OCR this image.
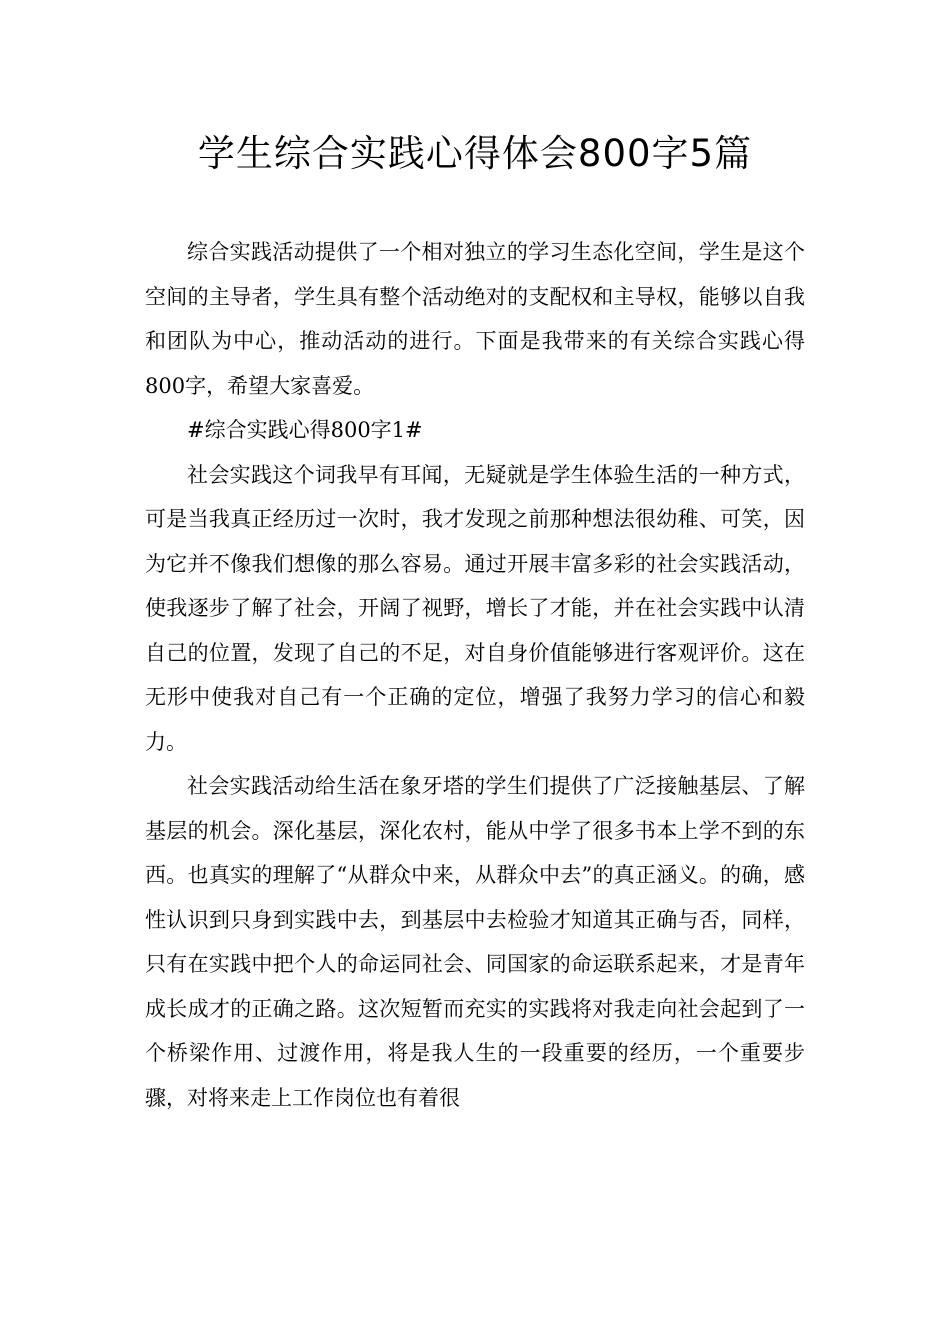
学生综合实践心得体会800字5篇

综合实践活动提供了一个相对独立的学习生态化空间，学生是这个空间的主导者，学生具有整个活动绝对的支配权和主导权，能够以自我和团队为中心，推动活动的进行。下面是我带来的有关综合实践心得800字，希望大家喜爱。

#综合实践心得800字1#

社会实践这个词我早有耳闻，无疑就是学生体验生活的一种方式，可是当我真正经历过一次时，我才发现之前那种想法很幼稚、可笑，因为它并不像我们想像的那么容易。通过开展丰富多彩的社会实践活动，使我逐步了解了社会，开阔了视野，增长了才能，并在社会实践中认清自己的位置，发现了自己的不足，对自身价值能够进行客观评价。这在无形中使我对自己有一个正确的定位，增强了我努力学习的信心和毅力。

社会实践活动给生活在象牙塔的学生们提供了广泛接触基层、了解基层的机会。深化基层，深化农村，能从中学了很多书本上学不到的东西。也真实的理解了“从群众中来，从群众中去”的真正涵义。的确，感性认识到只身到实践中去，到基层中去检验才知道其正确与否，同样，只有在实践中把个人的命运同社会、同国家的命运联系起来，才是青年成长成才的正确之路。这次短暂而充实的实践将对我走向社会起到了一个桥梁作用、过渡作用，将是我人生的一段重要的经历，一个重要步骤，对将来走上工作岗位也有着很
